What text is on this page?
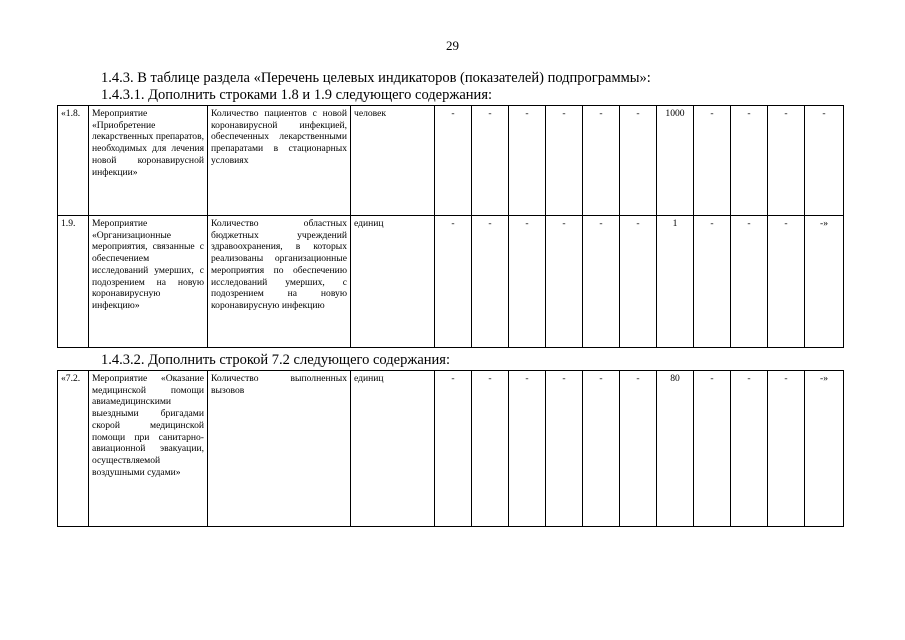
29
1.4.3. В таблице раздела «Перечень целевых индикаторов (показателей) подпрограммы»:
1.4.3.1. Дополнить строками 1.8 и 1.9 следующего содержания:
«1.8.	Мероприятие «Приобретение лекарственных препаратов, необходимых для лечения новой коронавирусной инфекции»	Количество пациентов с новой коронавирусной инфекцией, обеспеченных лекарственными препаратами в стационарных условиях	человек	-	-	-	-	-	-	1000	-	-	-	-
1.9.	Мероприятие «Организационные мероприятия, связанные с обеспечением исследований умерших, с подозрением на новую коронавирусную инфекцию»	Количество областных бюджетных учреждений здравоохранения, в которых реализованы организационные мероприятия по обеспечению исследований умерших, с подозрением на новую коронавирусную инфекцию	единиц	-	-	-	-	-	-	1	-	-	-	-»
1.4.3.2. Дополнить строкой 7.2 следующего содержания:
«7.2.	Мероприятие «Оказание медицинской помощи авиамедицинскими выездными бригадами скорой медицинской помощи при санитарно-авиационной эвакуации, осуществляемой воздушными судами»	Количество выполненных вызовов	единиц	-	-	-	-	-	-	80	-	-	-	-»
